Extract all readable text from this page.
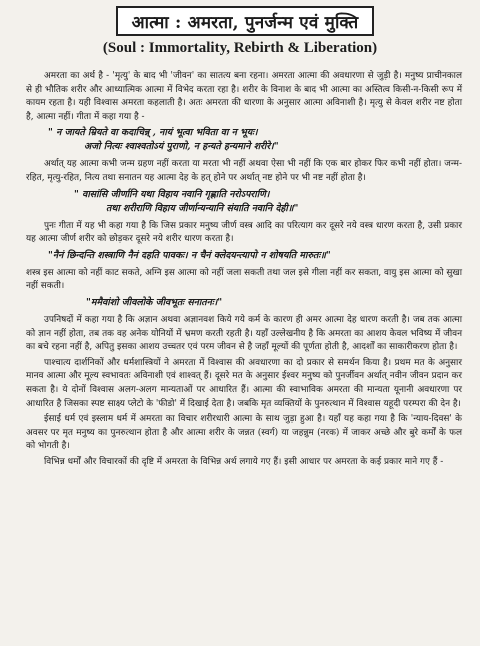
आत्मा : अमरता, पुनर्जन्म एवं मुक्ति
(Soul : Immortality, Rebirth & Liberation)

अमरता का अर्थ है - 'मृत्यु' के बाद भी 'जीवन' का सातत्य बना रहना। अमरता आत्मा की अवधारणा से जुड़ी है। मनुष्य प्राचीनकाल से ही भौतिक शरीर और आध्यात्मिक आत्मा में विभेद करता रहा है। शरीर के विनाश के बाद भी आत्मा का अस्तित्व किसी-न-किसी रूप में कायम रहता है। यही विश्वास अमरता कहलाती है। अतः अमरता की धारणा के अनुसार आत्मा अविनाशी है। मृत्यु से केवल शरीर नष्ट होता है, आत्मा नहीं। गीता में कहा गया है -

" न जायते म्रियते वा कदाचिन्न् , नायं भूत्वा भविता वा न भूयः।
अजो नित्यः श्वाश्वतोऽयं पुराणो, न हन्यते हन्यमाने शरीरे।"

अर्थात् यह आत्मा कभी जन्म ग्रहण नहीं करता या मरता भी नहीं अथवा ऐसा भी नहीं कि एक बार होकर फिर कभी नहीं होता। जन्म-रहित, मृत्यु-रहित, नित्य तथा सनातन यह आत्मा देह के हत् होने पर अर्थात् नष्ट होने पर भी नष्ट नहीं होता है।

" वासांसि जीर्णानि यथा विहाय नवानि गृह्णाति नरोऽपराणि।
तथा शरीराणि विहाय जीर्णान्यन्यानि संयाति नवानि देही॥"

पुनः गीता में यह भी कहा गया है कि जिस प्रकार मनुष्य जीर्ण वस्त्र आदि का परित्याग कर दूसरे नये वस्त्र धारण करता है, उसी प्रकार यह आत्मा जीर्ण शरीर को छोड़कर दूसरे नये शरीर धारण करता है।

"नैनं छिन्दन्ति शस्त्राणि नैनं दहति पावकः। न चैनं क्लेदयन्त्यापो न शोषयति मारुतः॥"

शस्त्र इस आत्मा को नहीं काट सकते, अग्नि इस आत्मा को नहीं जला सकती तथा जल इसे गीला नहीं कर सकता, वायु इस आत्मा को सुखा नहीं सकती।

"ममैवांशो जीवलोके जीवभूतः सनातनः।"

उपनिषदों में कहा गया है कि अज्ञान अथवा अज्ञानवश किये गये कर्म के कारण ही अमर आत्मा देह धारण करती है। जब तक आत्मा को ज्ञान नहीं होता, तब तक वह अनेक योनियों में भ्रमण करती रहती है। यहाँ उल्लेखनीय है कि अमरता का आशय केवल भविष्य में जीवन का बचे रहना नहीं है, अपितु इसका आशय उच्चतर एवं परम जीवन से है जहाँ मूल्यों की पूर्णता होती है, आदर्शों का साकारीकरण होता है।

पाश्चात्य दार्शनिकों और धर्मशास्त्रियों ने अमरता में विश्वास की अवधारणा का दो प्रकार से समर्थन किया है। प्रथम मत के अनुसार मानव आत्मा और मूल्य स्वभावतः अविनाशी एवं शाश्वत् हैं। दूसरे मत के अनुसार ईश्वर मनुष्य को पुनर्जीवन अर्थात् नवीन जीवन प्रदान कर सकता है। ये दोनों विश्वास अलग-अलग मान्यताओं पर आधारित हैं। आत्मा की स्वाभाविक अमरता की मान्यता यूनानी अवधारणा पर आधारित है जिसका स्पष्ट साक्ष्य प्लेटो के 'फीडो' में दिखाई देता है। जबकि मृत व्यक्तियों के पुनरुत्थान में विश्वास यहूदी परम्परा की देन है।

ईसाई धर्म एवं इस्लाम धर्म में अमरता का विचार शरीरधारी आत्मा के साथ जुड़ा हुआ है। यहाँ यह कहा गया है कि 'न्याय-दिवस' के अवसर पर मृत मनुष्य का पुनरुत्थान होता है और आत्मा शरीर के जन्नत (स्वर्ग) या जहन्नुम (नरक) में जाकर अच्छे और बुरे कर्मों के फल को भोगती है।

विभिन्न धर्मों और विचारकों की दृष्टि में अमरता के विभिन्न अर्थ लगाये गए हैं। इसी आधार पर अमरता के कई प्रकार माने गए हैं -
